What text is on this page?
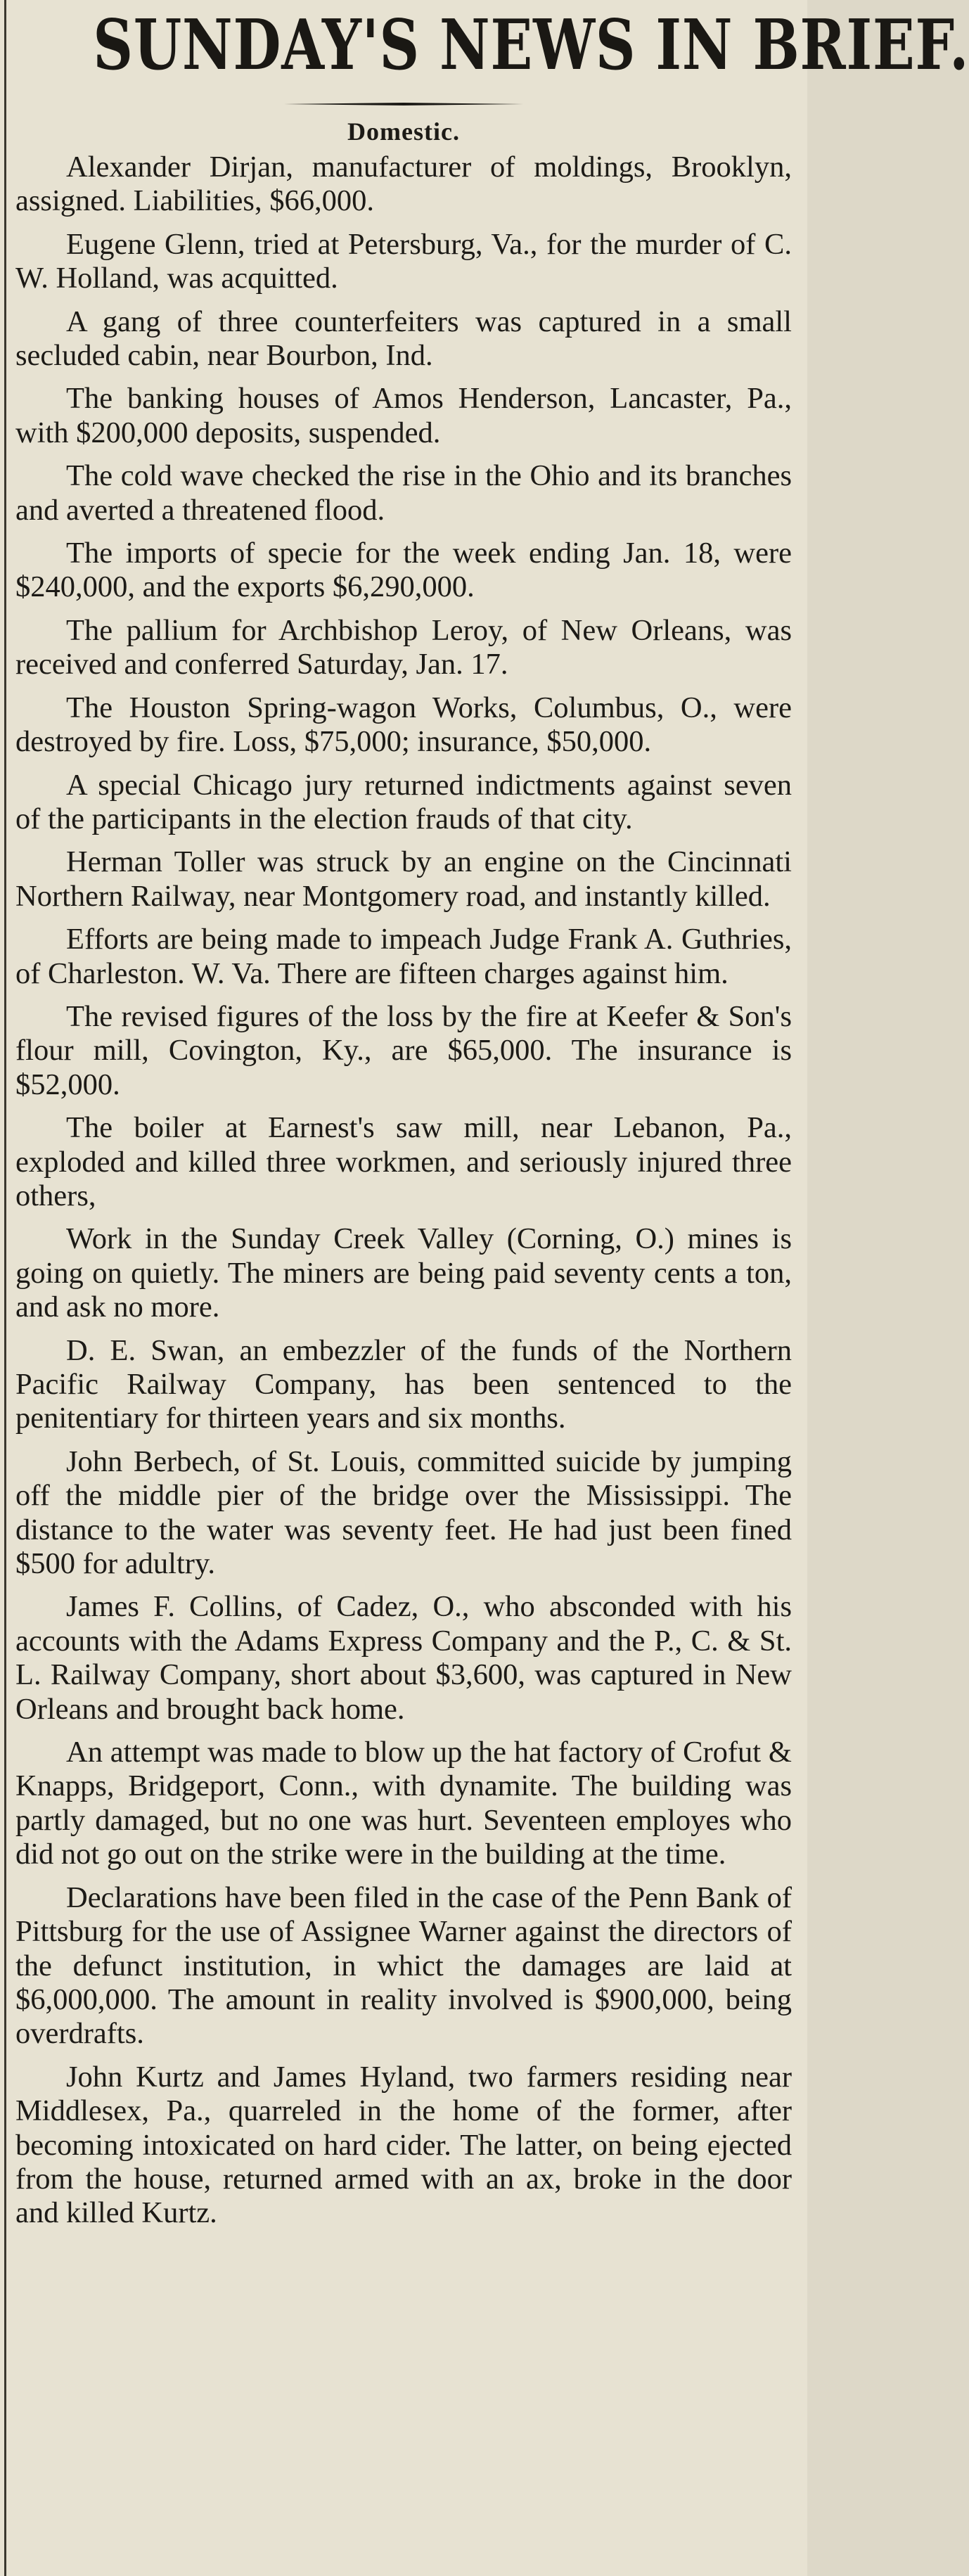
SUNDAY'S NEWS IN BRIEF.
Domestic.
Alexander Dirjan, manufacturer of moldings, Brooklyn, assigned. Liabilities, $66,000.
Eugene Glenn, tried at Petersburg, Va., for the murder of C. W. Holland, was acquitted.
A gang of three counterfeiters was captured in a small secluded cabin, near Bourbon, Ind.
The banking houses of Amos Henderson, Lancaster, Pa., with $200,000 deposits, suspended.
The cold wave checked the rise in the Ohio and its branches and averted a threatened flood.
The imports of specie for the week ending Jan. 18, were $240,000, and the exports $6,290,000.
The pallium for Archbishop Leroy, of New Orleans, was received and conferred Saturday, Jan. 17.
The Houston Spring-wagon Works, Columbus, O., were destroyed by fire. Loss, $75,000; insurance, $50,000.
A special Chicago jury returned indictments against seven of the participants in the election frauds of that city.
Herman Toller was struck by an engine on the Cincinnati Northern Railway, near Montgomery road, and instantly killed.
Efforts are being made to impeach Judge Frank A. Guthries, of Charleston. W. Va. There are fifteen charges against him.
The revised figures of the loss by the fire at Keefer & Son's flour mill, Covington, Ky., are $65,000. The insurance is $52,000.
The boiler at Earnest's saw mill, near Lebanon, Pa., exploded and killed three workmen, and seriously injured three others,
Work in the Sunday Creek Valley (Corning, O.) mines is going on quietly. The miners are being paid seventy cents a ton, and ask no more.
D. E. Swan, an embezzler of the funds of the Northern Pacific Railway Company, has been sentenced to the penitentiary for thirteen years and six months.
John Berbech, of St. Louis, committed suicide by jumping off the middle pier of the bridge over the Mississippi. The distance to the water was seventy feet. He had just been fined $500 for adultry.
James F. Collins, of Cadez, O., who absconded with his accounts with the Adams Express Company and the P., C. & St. L. Railway Company, short about $3,600, was captured in New Orleans and brought back home.
An attempt was made to blow up the hat factory of Crofut & Knapps, Bridgeport, Conn., with dynamite. The building was partly damaged, but no one was hurt. Seventeen employes who did not go out on the strike were in the building at the time.
Declarations have been filed in the case of the Penn Bank of Pittsburg for the use of Assignee Warner against the directors of the defunct institution, in whict the damages are laid at $6,000,000. The amount in reality involved is $900,000, being overdrafts.
John Kurtz and James Hyland, two farmers residing near Middlesex, Pa., quarreled in the home of the former, after becoming intoxicated on hard cider. The latter, on being ejected from the house, returned armed with an ax, broke in the door and killed Kurtz.
